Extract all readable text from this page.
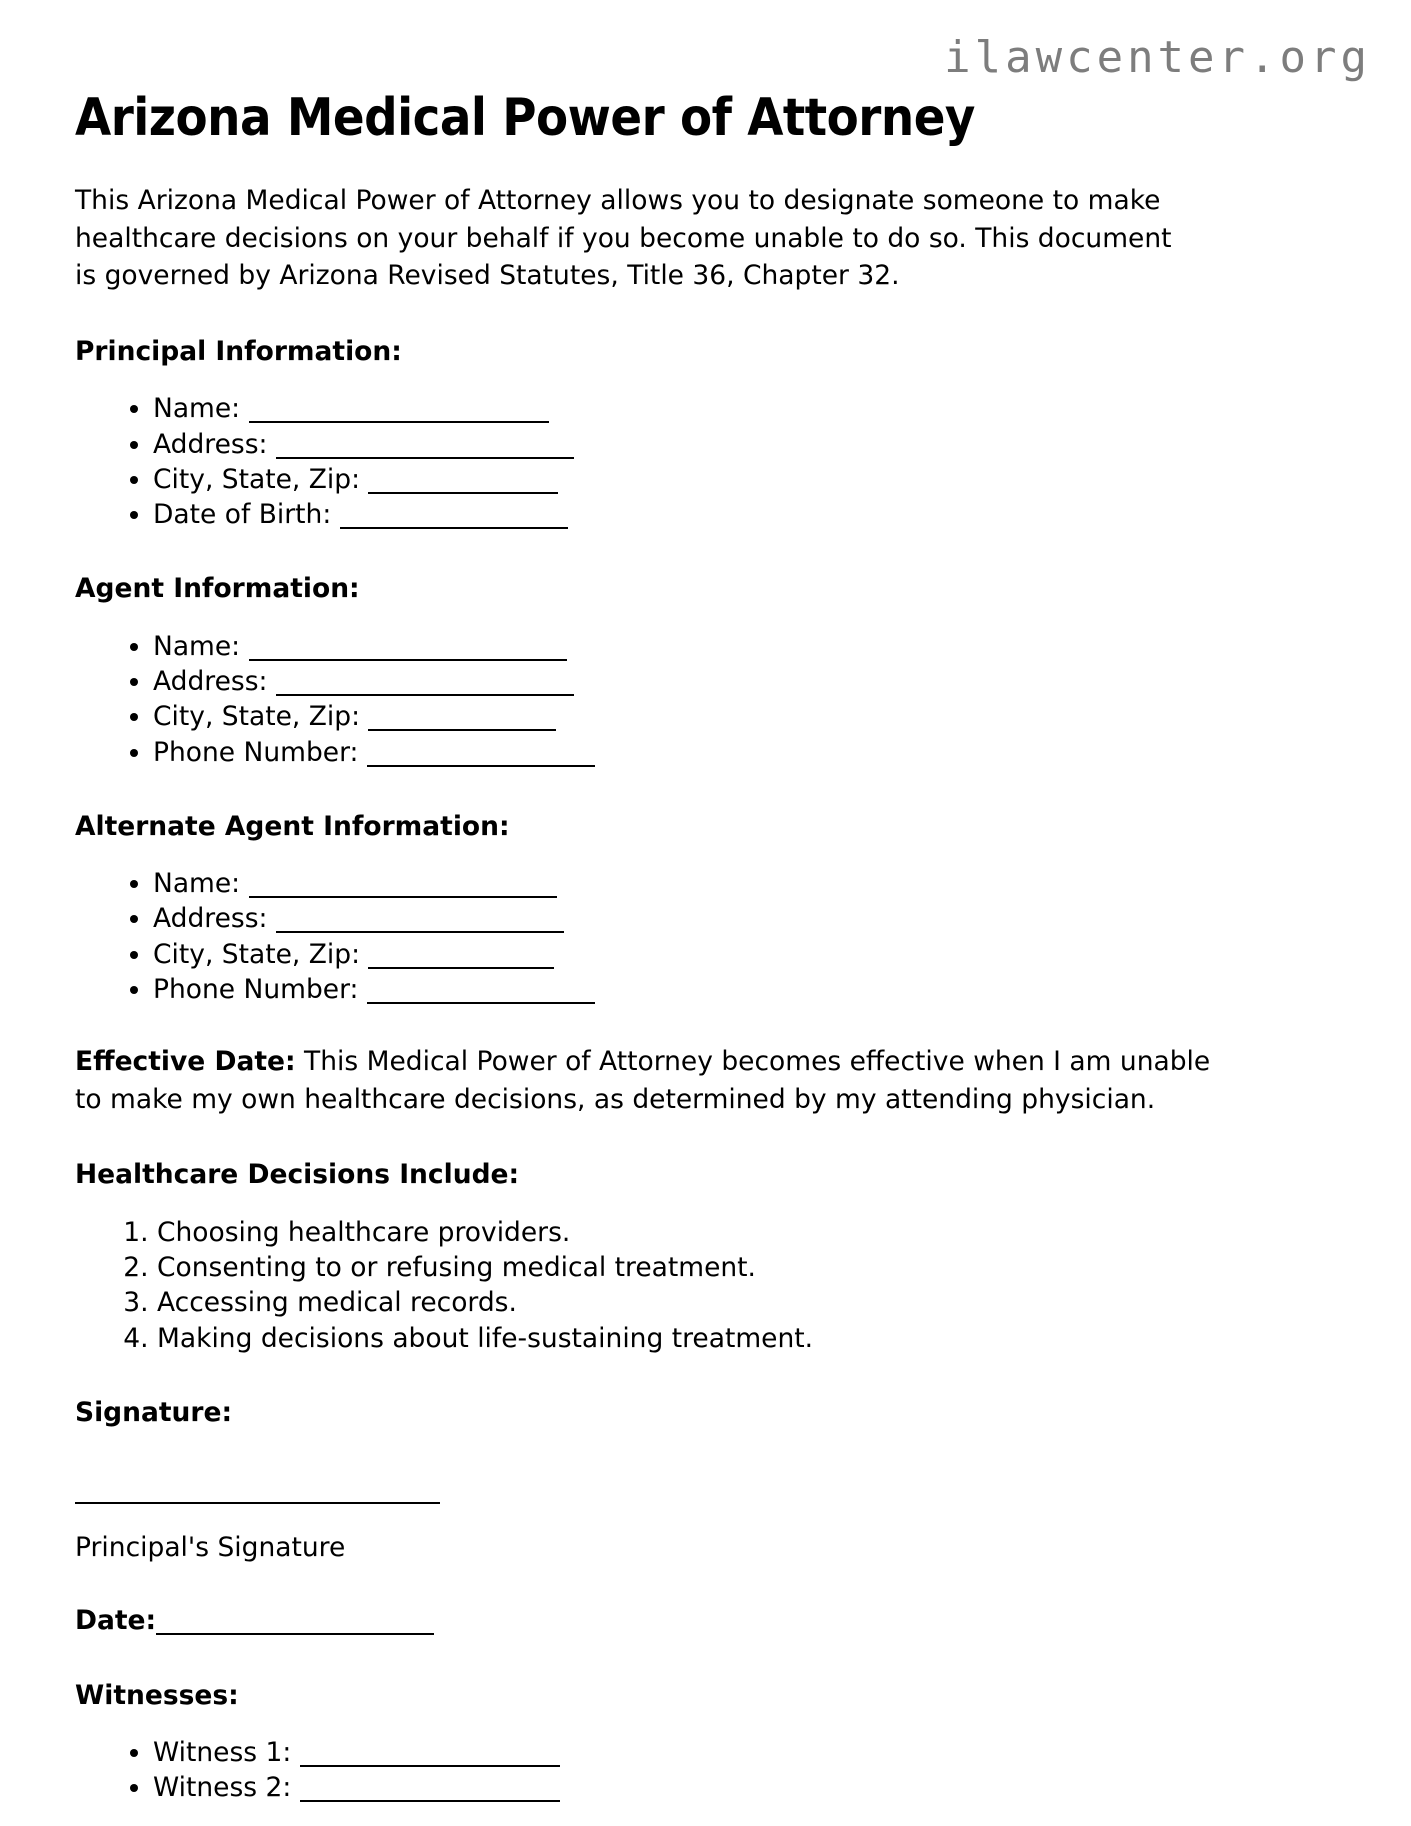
ilawcenter.org
Arizona Medical Power of Attorney

This Arizona Medical Power of Attorney allows you to designate someone to make healthcare decisions on your behalf if you become unable to do so. This document is governed by Arizona Revised Statutes, Title 36, Chapter 32.

Principal Information:
• Name:
• Address:
• City, State, Zip:
• Date of Birth:
Agent Information:
• Name:
• Address:
• City, State, Zip:
• Phone Number:
Alternate Agent Information:
• Name:
• Address:
• City, State, Zip:
• Phone Number:

Effective Date: This Medical Power of Attorney becomes effective when I am unable to make my own healthcare decisions, as determined by my attending physician.

Healthcare Decisions Include:
1. Choosing healthcare providers.
2. Consenting to or refusing medical treatment.
3. Accessing medical records.
4. Making decisions about life-sustaining treatment.
Signature:

Principal's Signature

Date:

Witnesses:
• Witness 1:
• Witness 2:
